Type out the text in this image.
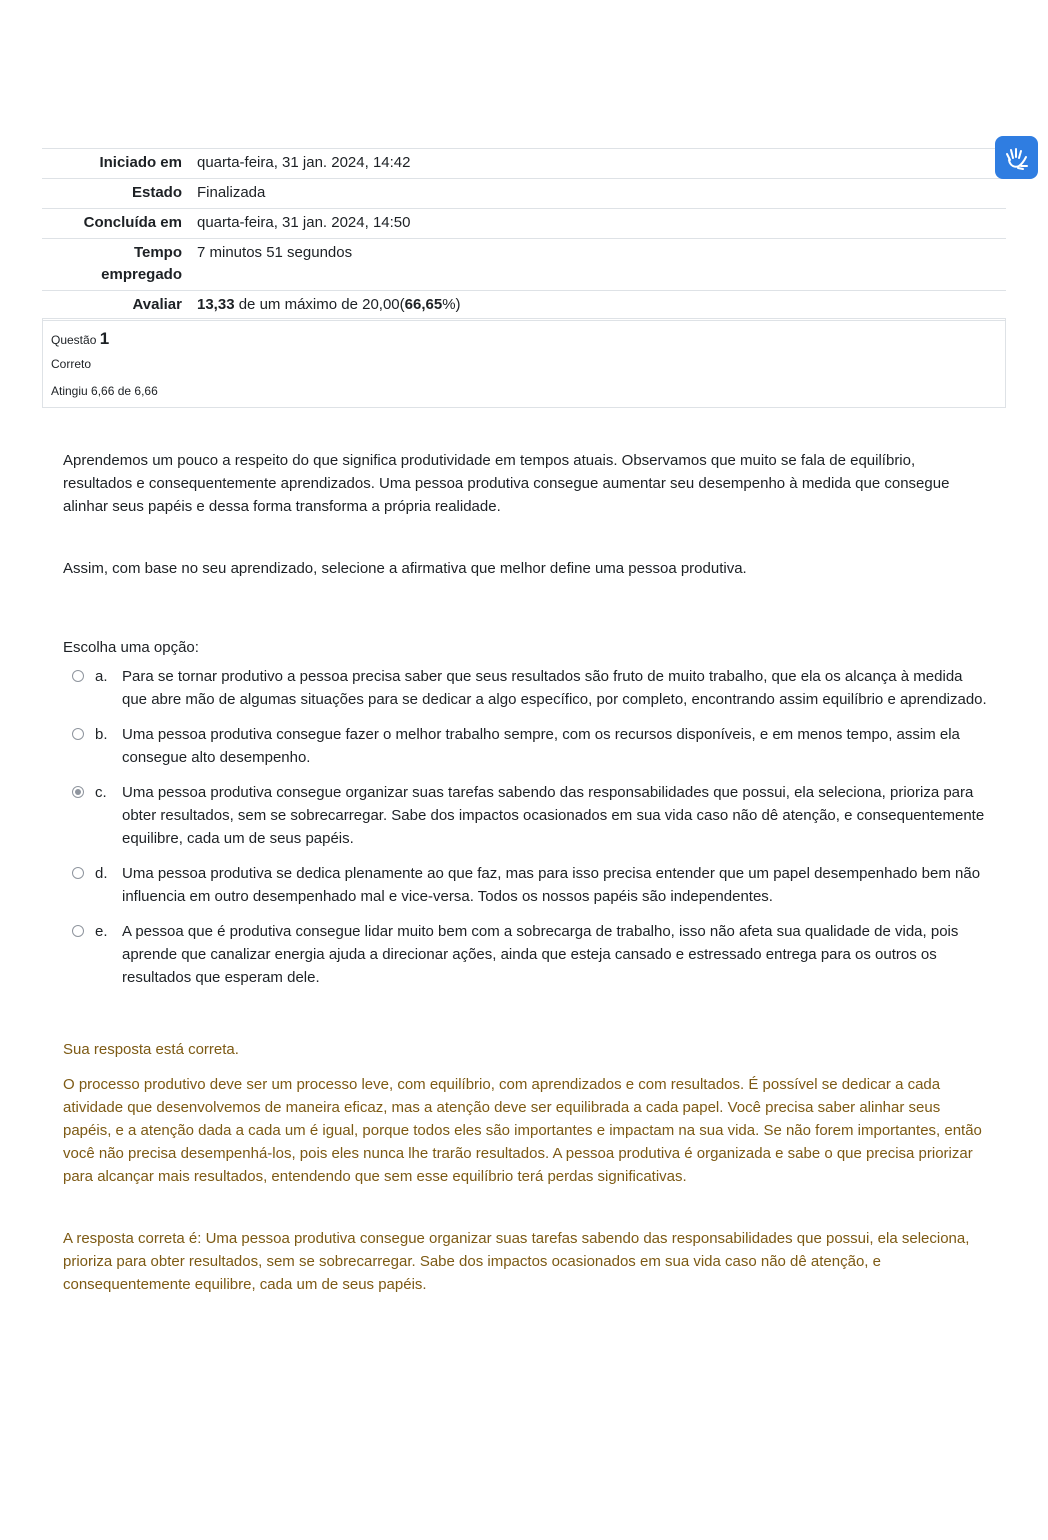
Iniciado em	quarta-feira, 31 jan. 2024, 14:42
Estado	Finalizada
Concluída em	quarta-feira, 31 jan. 2024, 14:50
Tempo empregado	7 minutos 51 segundos
Avaliar	13,33 de um máximo de 20,00(66,65%)
Questão 1
Correto
Atingiu 6,66 de 6,66

Aprendemos um pouco a respeito do que significa produtividade em tempos atuais. Observamos que muito se fala de equilíbrio, resultados e consequentemente aprendizados. Uma pessoa produtiva consegue aumentar seu desempenho à medida que consegue alinhar seus papéis e dessa forma transforma a própria realidade.

Assim, com base no seu aprendizado, selecione a afirmativa que melhor define uma pessoa produtiva.

Escolha uma opção:
a. Para se tornar produtivo a pessoa precisa saber que seus resultados são fruto de muito trabalho, que ela os alcança à medida que abre mão de algumas situações para se dedicar a algo específico, por completo, encontrando assim equilíbrio e aprendizado.
b. Uma pessoa produtiva consegue fazer o melhor trabalho sempre, com os recursos disponíveis, e em menos tempo, assim ela consegue alto desempenho.
c. Uma pessoa produtiva consegue organizar suas tarefas sabendo das responsabilidades que possui, ela seleciona, prioriza para obter resultados, sem se sobrecarregar. Sabe dos impactos ocasionados em sua vida caso não dê atenção, e consequentemente equilibre, cada um de seus papéis.
d. Uma pessoa produtiva se dedica plenamente ao que faz, mas para isso precisa entender que um papel desempenhado bem não influencia em outro desempenhado mal e vice-versa. Todos os nossos papéis são independentes.
e. A pessoa que é produtiva consegue lidar muito bem com a sobrecarga de trabalho, isso não afeta sua qualidade de vida, pois aprende que canalizar energia ajuda a direcionar ações, ainda que esteja cansado e estressado entrega para os outros os resultados que esperam dele.
Sua resposta está correta.
O processo produtivo deve ser um processo leve, com equilíbrio, com aprendizados e com resultados. É possível se dedicar a cada atividade que desenvolvemos de maneira eficaz, mas a atenção deve ser equilibrada a cada papel. Você precisa saber alinhar seus papéis, e a atenção dada a cada um é igual, porque todos eles são importantes e impactam na sua vida. Se não forem importantes, então você não precisa desempenhá-los, pois eles nunca lhe trarão resultados. A pessoa produtiva é organizada e sabe o que precisa priorizar para alcançar mais resultados, entendendo que sem esse equilíbrio terá perdas significativas.
A resposta correta é: Uma pessoa produtiva consegue organizar suas tarefas sabendo das responsabilidades que possui, ela seleciona, prioriza para obter resultados, sem se sobrecarregar. Sabe dos impactos ocasionados em sua vida caso não dê atenção, e consequentemente equilibre, cada um de seus papéis.
